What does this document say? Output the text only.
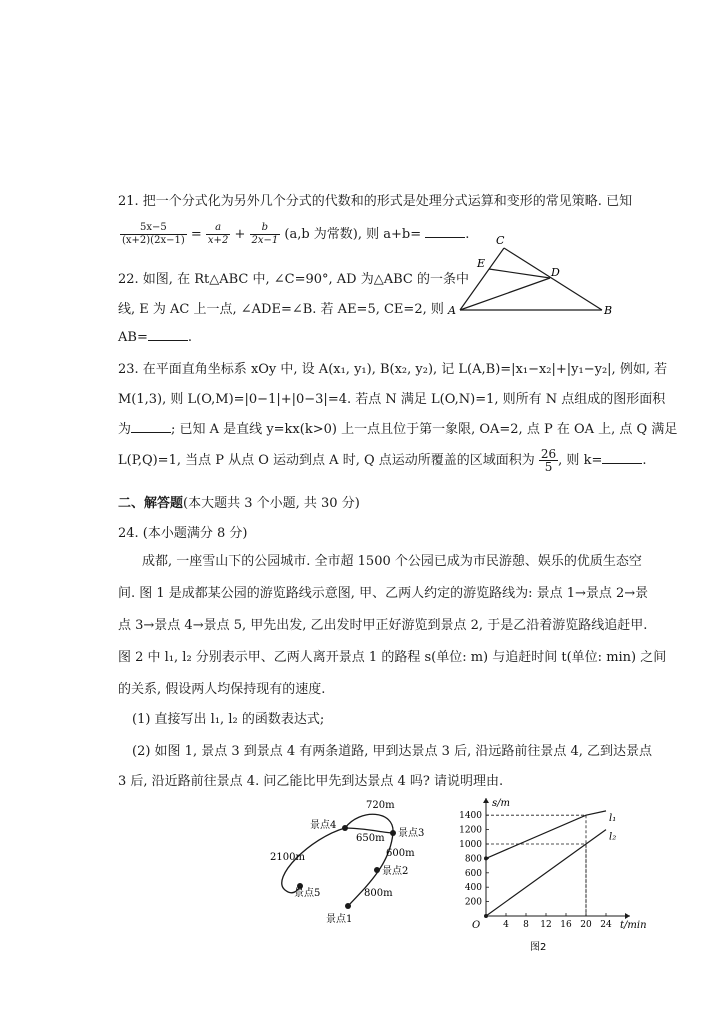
21. 把一个分式化为另外几个分式的代数和的形式是处理分式运算和变形的常见策略. 已知
$\frac{5x-5}{(x+2)(2x-1)} = \frac{a}{x+2} + \frac{b}{2x-1} (a,b$ 为常数), 则 a+b=	.
22. 如图, 在 Rt△ABC 中, ∠C=90°, AD 为△ABC 的一条中
线, E 为 AC 上一点, ∠ADE=∠B. 若 AE=5, CE=2, 则
AB=	.
A	B
C
D
E
23. 在平面直角坐标系 xOy 中, 设 A(x₁, y₁), B(x₂, y₂), 记 L(A,B)=|x₁−x₂|+|y₁−y₂|, 例如, 若
M(1,3), 则 L(O,M)=|0−1|+|0−3|=4. 若点 N 满足 L(O,N)=1, 则所有 N 点组成的图形面积
为	; 已知 A 是直线 y=kx(k>0) 上一点且位于第一象限, OA=2, 点 P 在 OA 上, 点 Q 满足
L(P,Q)=1, 当点 P 从点 O 运动到点 A 时, Q 点运动所覆盖的区域面积为 $\frac{26}{5}$ , 则 k=	.
二、解答题(本大题共 3 个小题, 共 30 分)
24. (本小题满分 8 分)
成都, 一座雪山下的公园城市. 全市超 1500 个公园已成为市民游憩、娱乐的优质生态空
间. 图 1 是成都某公园的游览路线示意图, 甲、乙两人约定的游览路线为: 景点 1→景点 2→景
点 3→景点 4→景点 5, 甲先出发, 乙出发时甲正好游览到景点 2, 于是乙沿着游览路线追赶甲.
图 2 中 l₁, l₂ 分别表示甲、乙两人离开景点 1 的路程 s(单位: m) 与追赶时间 t(单位: min) 之间
的关系, 假设两人均保持现有的速度.
(1) 直接写出 l₁, l₂ 的函数表达式;
(2) 如图 1, 景点 3 到景点 4 有两条道路, 甲到达景点 3 后, 沿远路前往景点 4, 乙到达景点
3 后, 沿近路前往景点 4. 问乙能比甲先到达景点 4 吗? 请说明理由.
景点4
景点3
景点2
景点1
景点5
720m
650m
600m
800m
2100m
4 8 12 16 20 24
200
400
600
800
1000
1200
1400	l₁
l₂
s/m
t/min
O
图2
